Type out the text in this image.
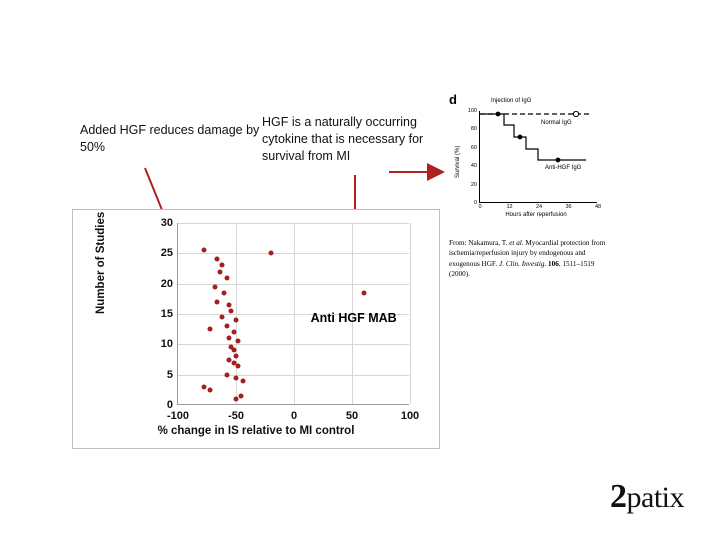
Added HGF reduces damage by 50%
HGF is a naturally occurring cytokine that is necessary for survival from MI
Number of Studies
0
5
10
15
20
25
30
-100	-50	0	50	100
% change in IS relative to MI control
Anti HGF MAB
d	Injection of IgG
100
80
60
40
20
0
0	12	24	36	48
Survival (%)
Hours after reperfusion
Normal IgG
Anti-HGF IgG
From: Nakamura, T. et al. Myocardial protection from ischemia/reperfusion injury by endogenous and exogenous HGF. J. Clin. Investig. 106, 1511–1519 (2000).
2patix
